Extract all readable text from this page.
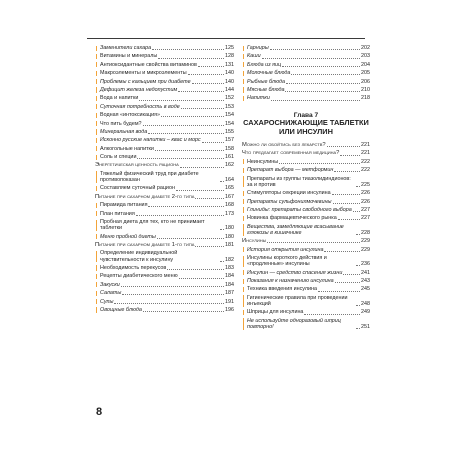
Заменители сахара	125
Витамины и минералы	128
Антиоксидантные свойства витаминов	131
Макроэлементы и микроэлементы	140
Проблемы с кальцием при диабете	140
Дефицит железа недопустим	144
Вода и напитки	152
Суточная потребность в воде	153
Водная «интоксикация»	154
Что пить будем?	154
Минеральная вода	155
Исконно русские напитки – квас и морс	157
Алкогольные напитки	158
Соль и специи	161
Энергетическая ценность рациона	162
Тяжелый физический труд при диабете противопоказан	164
Составляем суточный рацион	165
Питание при сахарном диабете 2-го типа	167
Пирамида питания	168
План питания	173
Пробная диета для тех, кто не принимает таблетки	180
Меню пробной диеты	180
Питание при сахарном диабете 1-го типа	181
Определение индивидуальной чувствительности к инсулину	182
Необходимость перекусов	183
Рецепты диабетического меню	184
Закуски	184
Салаты	187
Супы	191
Овощные блюда	196
Гарниры	202
Каши	203
Блюда из яиц	204
Молочные блюда	205
Рыбные блюда	206
Мясные блюда	210
Напитки	218
Глава 7
САХАРОСНИЖАЮЩИЕ ТАБЛЕТКИ ИЛИ ИНСУЛИН
Можно ли обойтись без лекарств?	221
Что предлагает современная медицина?	221
Неинсулины	222
Препарат выбора — метформин	222
Препараты из группы тиазолидиндионов: за и против	225
Стимуляторы секреции инсулина	226
Препараты сульфонилмочевины	226
Глиниды: препараты свободного выбора 227
Новинка фармацевтического рынка	227
Вещества, замедляющие всасывание глюкозы в кишечнике	228
Инсулины	229
История открытия инсулина	229
Инсулины короткого действия и «продленные» инсулины	236
Инсулин — средство спасения жизни	241
Показания к назначению инсулина	243
Техника введения инсулина	245
Гигиенические правила при проведении инъекций	248
Шприцы для инсулина	249
Не используйте одноразовый шприц повторно!	251
8
